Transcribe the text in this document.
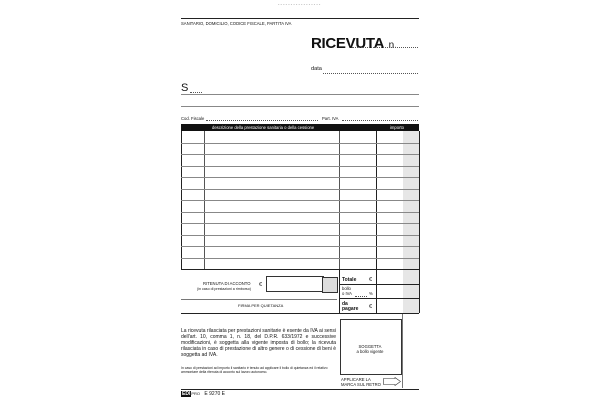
- - - - - - - - - - - - - - - - -
SANITARIO, DOMICILIO, CODICE FISCALE, PARTITA IVA
RICEVUTA n.
data
S
Cod. Fiscale	Part. IVA
descrizione della prestazione sanitaria o della cessione	importo
RITENUTA DI ACCONTO
(in caso di prestazioni a rimborso)
€
FIRMA PER QUIETANZA
Totale €
bollo
o IVA	%
da
pagare €
La ricevuta rilasciata per prestazioni sanitarie è esente da IVA ai sensi dell'art. 10, comma 1, n. 18, del D.P.R. 633/1972 e successive modificazioni, è soggetta alla vigente imposta di bollo; la ricevuta rilasciata in caso di prestazione di altro genere o di cessione di beni è soggetta ad IVA.
In caso di prestazioni ad importo il sanitario è tenuto ad applicare il bollo di quietanza ed il relativo ammontare della ritenuta di acconto sul lavoro autonomo.
SOGGETTA
a bollo vigente
APPLICARE LA
MARCA SUL RETRO
EDIPRO E 9270 E
